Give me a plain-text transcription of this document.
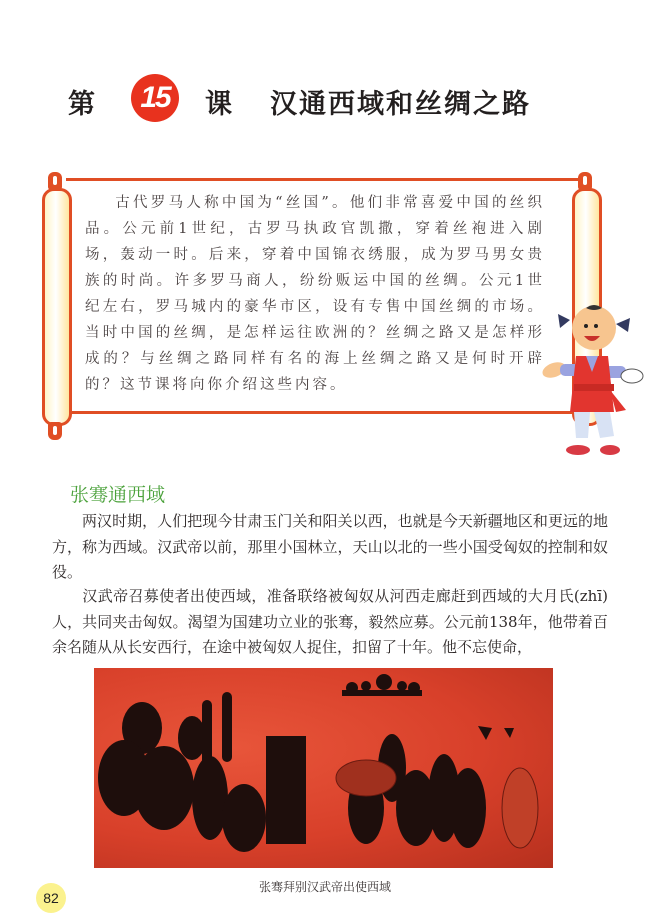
第 15 课 汉通西域和丝绸之路
古代罗马人称中国为“丝国”。他们非常喜爱中国的丝织品。公元前1世纪，古罗马执政官凯撒，穿着丝袍进入剧场，轰动一时。后来，穿着中国锦衣绣服，成为罗马男女贵族的时尚。许多罗马商人，纷纷贩运中国的丝绸。公元1世纪左右，罗马城内的豪华市区，设有专售中国丝绸的市场。当时中国的丝绸，是怎样运往欧洲的？丝绸之路又是怎样形成的？与丝绸之路同样有名的海上丝绸之路又是何时开辟的？这节课将向你介绍这些内容。
张骞通西域
两汉时期，人们把现今甘肃玉门关和阳关以西，也就是今天新疆地区和更远的地方，称为西域。汉武帝以前，那里小国林立，天山以北的一些小国受匈奴的控制和奴役。
汉武帝召募使者出使西域，准备联络被匈奴从河西走廊赶到西域的大月氏(zhī)人，共同夹击匈奴。渴望为国建功立业的张骞，毅然应募。公元前138年，他带着百余名随从从长安西行，在途中被匈奴人捉住，扣留了十年。他不忘使命，
张骞拜别汉武帝出使西域
82
